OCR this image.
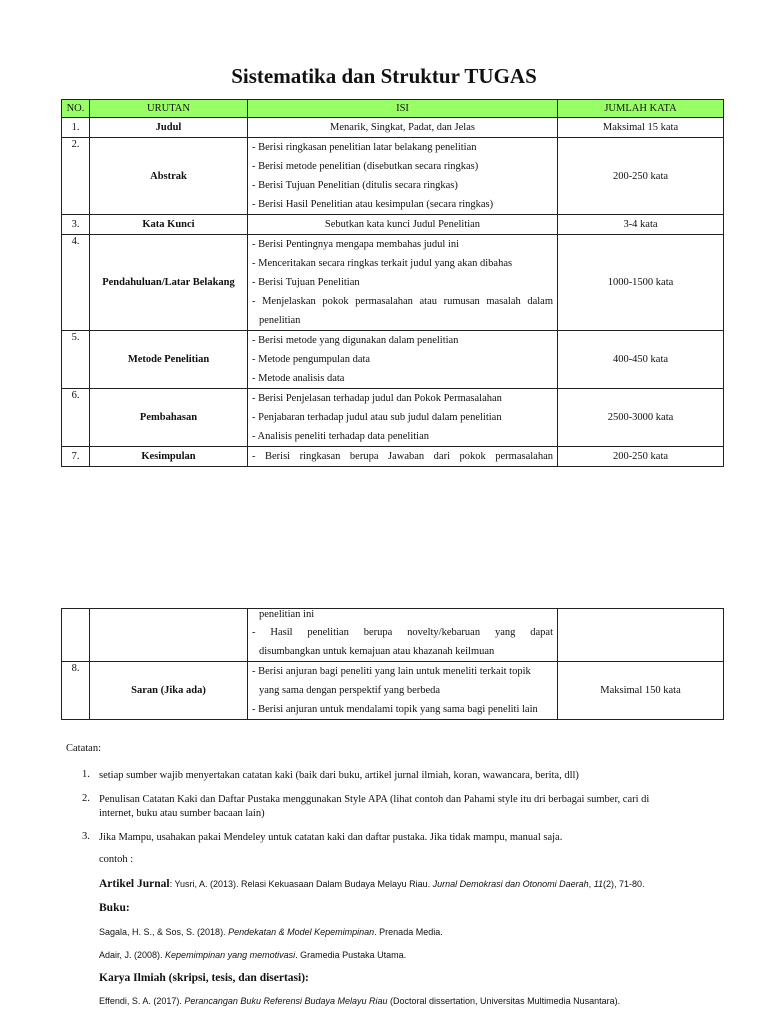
Sistematika dan Struktur TUGAS
NO.	URUTAN	ISI	JUMLAH KATA
1.	Judul	Menarik, Singkat, Padat, dan Jelas	Maksimal 15 kata
2.	Abstrak	- Berisi ringkasan penelitian latar belakang penelitian
- Berisi metode penelitian (disebutkan secara ringkas)
- Berisi Tujuan Penelitian (ditulis secara ringkas)
- Berisi Hasil Penelitian atau kesimpulan (secara ringkas)	200-250 kata
3.	Kata Kunci	Sebutkan kata kunci Judul Penelitian	3-4 kata
4.	Pendahuluan/Latar Belakang	- Berisi Pentingnya mengapa membahas judul ini
- Menceritakan secara ringkas terkait judul yang akan dibahas
- Berisi Tujuan Penelitian
- Menjelaskan pokok permasalahan atau rumusan masalah dalam
penelitian	1000-1500 kata
5.	Metode Penelitian	- Berisi metode yang digunakan dalam penelitian
- Metode pengumpulan data
- Metode analisis data	400-450 kata
6.	Pembahasan	- Berisi Penjelasan terhadap judul dan Pokok Permasalahan
- Penjabaran terhadap judul atau sub judul dalam penelitian
- Analisis peneliti terhadap data penelitian	2500-3000 kata
7.	Kesimpulan	- Berisi ringkasan berupa Jawaban dari pokok permasalahan	200-250 kata

		penelitian ini
- Hasil penelitian berupa novelty/kebaruan yang dapat
disumbangkan untuk kemajuan atau khazanah keilmuan	

8.	Saran (Jika ada)	- Berisi anjuran bagi peneliti yang lain untuk meneliti terkait topik
yang sama dengan perspektif yang berbeda
- Berisi anjuran untuk mendalami topik yang sama bagi peneliti lain	Maksimal 150 kata
Catatan:
1. setiap sumber wajib menyertakan catatan kaki (baik dari buku, artikel jurnal ilmiah, koran, wawancara, berita, dll)
2. Penulisan Catatan Kaki dan Daftar Pustaka menggunakan Style APA (lihat contoh dan Pahami style itu dri berbagai sumber, cari di internet, buku atau sumber bacaan lain)
3. Jika Mampu, usahakan pakai Mendeley untuk catatan kaki dan daftar pustaka. Jika tidak mampu, manual saja.
contoh :
Artikel Jurnal: Yusri, A. (2013). Relasi Kekuasaan Dalam Budaya Melayu Riau. Jurnal Demokrasi dan Otonomi Daerah, 11(2), 71-80.
Buku:
Sagala, H. S., & Sos, S. (2018). Pendekatan & Model Kepemimpinan. Prenada Media.
Adair, J. (2008). Kepemimpinan yang memotivasi. Gramedia Pustaka Utama.
Karya Ilmiah (skripsi, tesis, dan disertasi):
Effendi, S. A. (2017). Perancangan Buku Referensi Budaya Melayu Riau (Doctoral dissertation, Universitas Multimedia Nusantara).
